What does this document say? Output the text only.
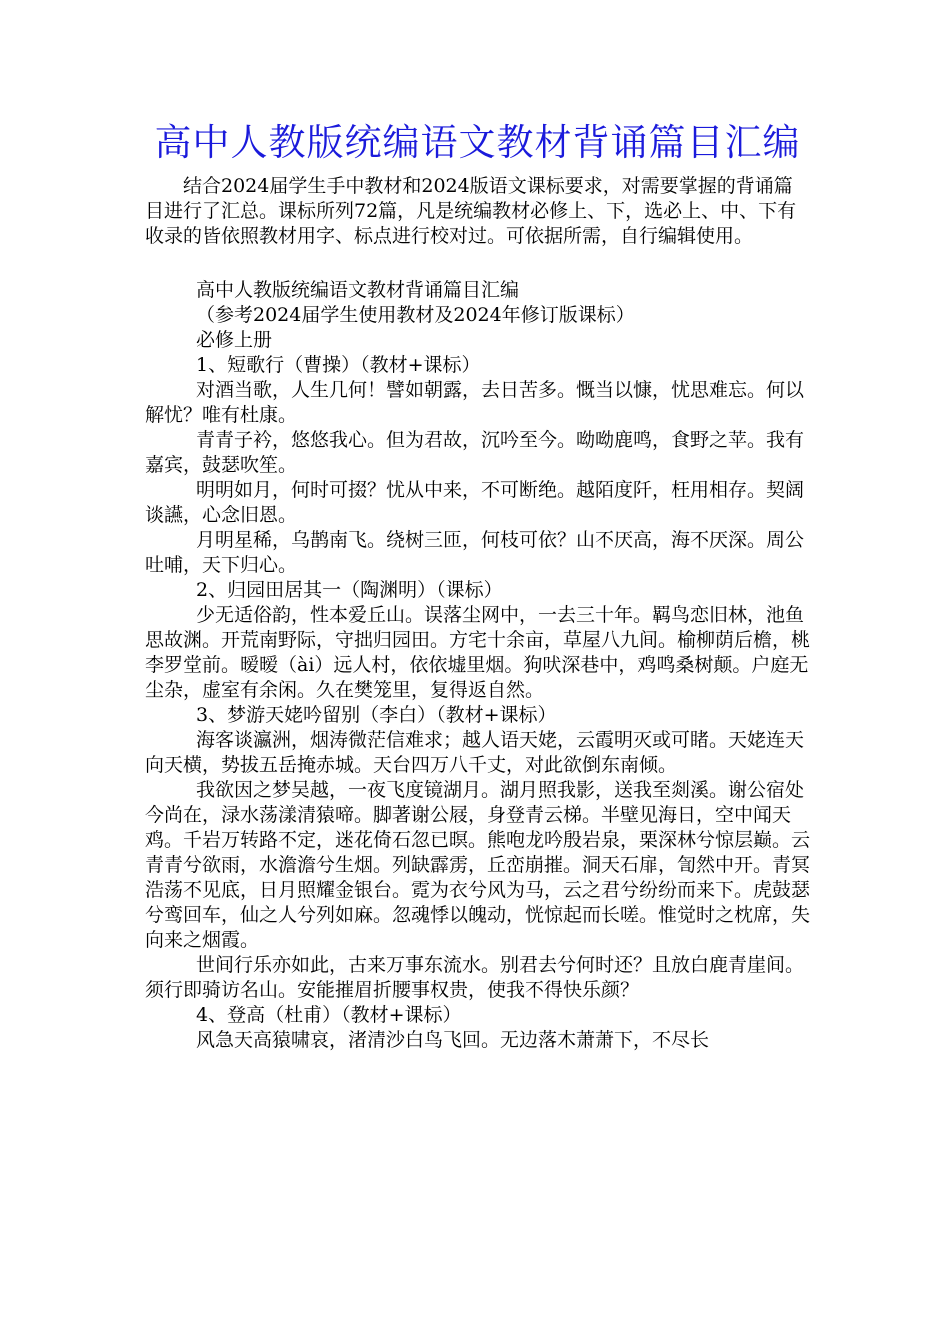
高中人教版统编语文教材背诵篇目汇编

结合2024届学生手中教材和2024版语文课标要求，对需要掌握的背诵篇目进行了汇总。课标所列72篇，凡是统编教材必修上、下，选必上、中、下有收录的皆依照教材用字、标点进行校对过。可依据所需，自行编辑使用。

高中人教版统编语文教材背诵篇目汇编
（参考2024届学生使用教材及2024年修订版课标）
必修上册
1、短歌行（曹操）（教材+课标）

对酒当歌，人生几何！譬如朝露，去日苦多。慨当以慷，忧思难忘。何以解忧？唯有杜康。

青青子衿，悠悠我心。但为君故，沉吟至今。呦呦鹿鸣，食野之苹。我有嘉宾，鼓瑟吹笙。

明明如月，何时可掇？忧从中来，不可断绝。越陌度阡，枉用相存。契阔谈讌，心念旧恩。

月明星稀，乌鹊南飞。绕树三匝，何枝可依？山不厌高，海不厌深。周公吐哺，天下归心。

2、归园田居其一（陶渊明）（课标）

少无适俗韵，性本爱丘山。误落尘网中，一去三十年。羁鸟恋旧林，池鱼思故渊。开荒南野际，守拙归园田。方宅十余亩，草屋八九间。榆柳荫后檐，桃李罗堂前。暧暧（ài）远人村，依依墟里烟。狗吠深巷中，鸡鸣桑树颠。户庭无尘杂，虚室有余闲。久在樊笼里，复得返自然。

3、梦游天姥吟留别（李白）（教材+课标）

海客谈瀛洲，烟涛微茫信难求；越人语天姥，云霞明灭或可睹。天姥连天向天横，势拔五岳掩赤城。天台四万八千丈，对此欲倒东南倾。

我欲因之梦吴越，一夜飞度镜湖月。湖月照我影，送我至剡溪。谢公宿处今尚在，渌水荡漾清猿啼。脚著谢公屐，身登青云梯。半壁见海日，空中闻天鸡。千岩万转路不定，迷花倚石忽已暝。熊咆龙吟殷岩泉，栗深林兮惊层巅。云青青兮欲雨，水澹澹兮生烟。列缺霹雳，丘峦崩摧。洞天石扉，訇然中开。青冥浩荡不见底，日月照耀金银台。霓为衣兮风为马，云之君兮纷纷而来下。虎鼓瑟兮鸾回车，仙之人兮列如麻。忽魂悸以魄动，恍惊起而长嗟。惟觉时之枕席，失向来之烟霞。

世间行乐亦如此，古来万事东流水。别君去兮何时还？且放白鹿青崖间。须行即骑访名山。安能摧眉折腰事权贵，使我不得快乐颜？

4、登高（杜甫）（教材+课标）

风急天高猿啸哀，渚清沙白鸟飞回。无边落木萧萧下，不尽长
